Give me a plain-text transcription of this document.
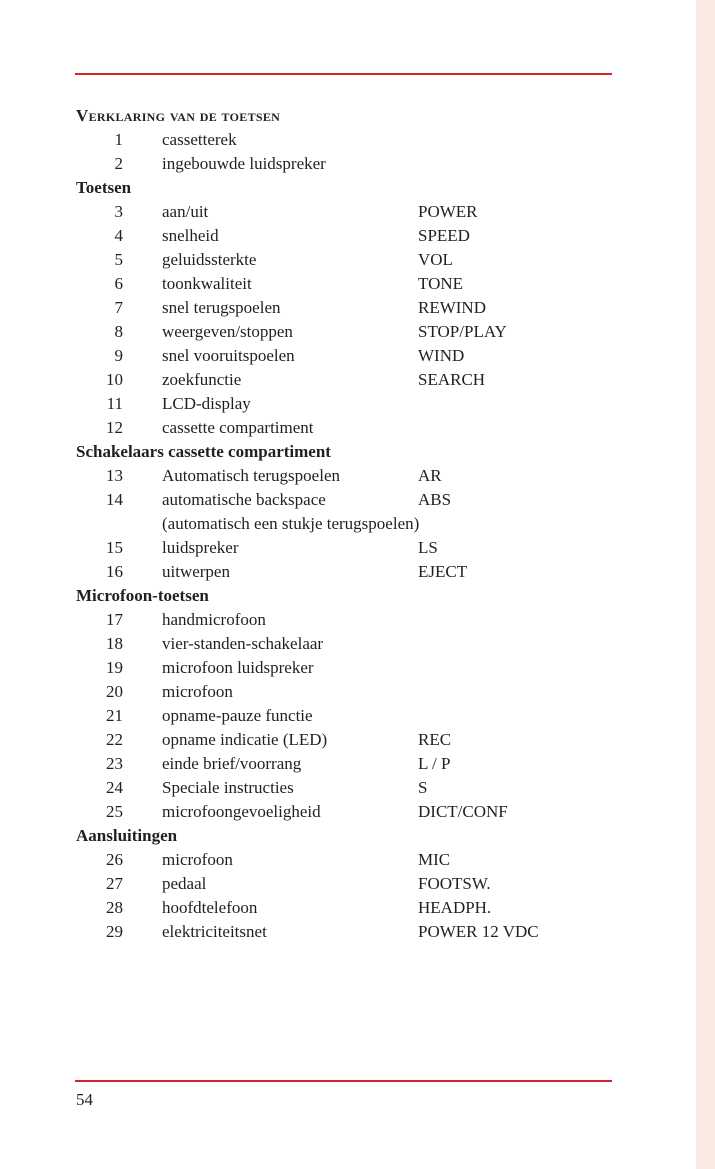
Verklaring van de toetsen
1 cassetterek
2 ingebouwde luidspreker
Toetsen
3 aan/uit	POWER
4 snelheid	SPEED
5 geluidssterkte	VOL
6 toonkwaliteit	TONE
7 snel terugspoelen	REWIND
8 weergeven/stoppen	STOP/PLAY
9 snel vooruitspoelen	WIND
10 zoekfunctie	SEARCH
11 LCD-display
12 cassette compartiment
Schakelaars cassette compartiment
13 Automatisch terugspoelen	AR
14 automatische backspace	ABS
(automatisch een stukje terugspoelen)
15 luidspreker	LS
16 uitwerpen	EJECT
Microfoon-toetsen
17 handmicrofoon
18 vier-standen-schakelaar
19 microfoon luidspreker
20 microfoon
21 opname-pauze functie
22 opname indicatie (LED)	REC
23 einde brief/voorrang	L / P
24 Speciale instructies	S
25 microfoongevoeligheid	DICT/CONF
Aansluitingen
26 microfoon	MIC
27 pedaal	FOOTSW.
28 hoofdtelefoon	HEADPH.
29 elektriciteitsnet	POWER 12 VDC
54
